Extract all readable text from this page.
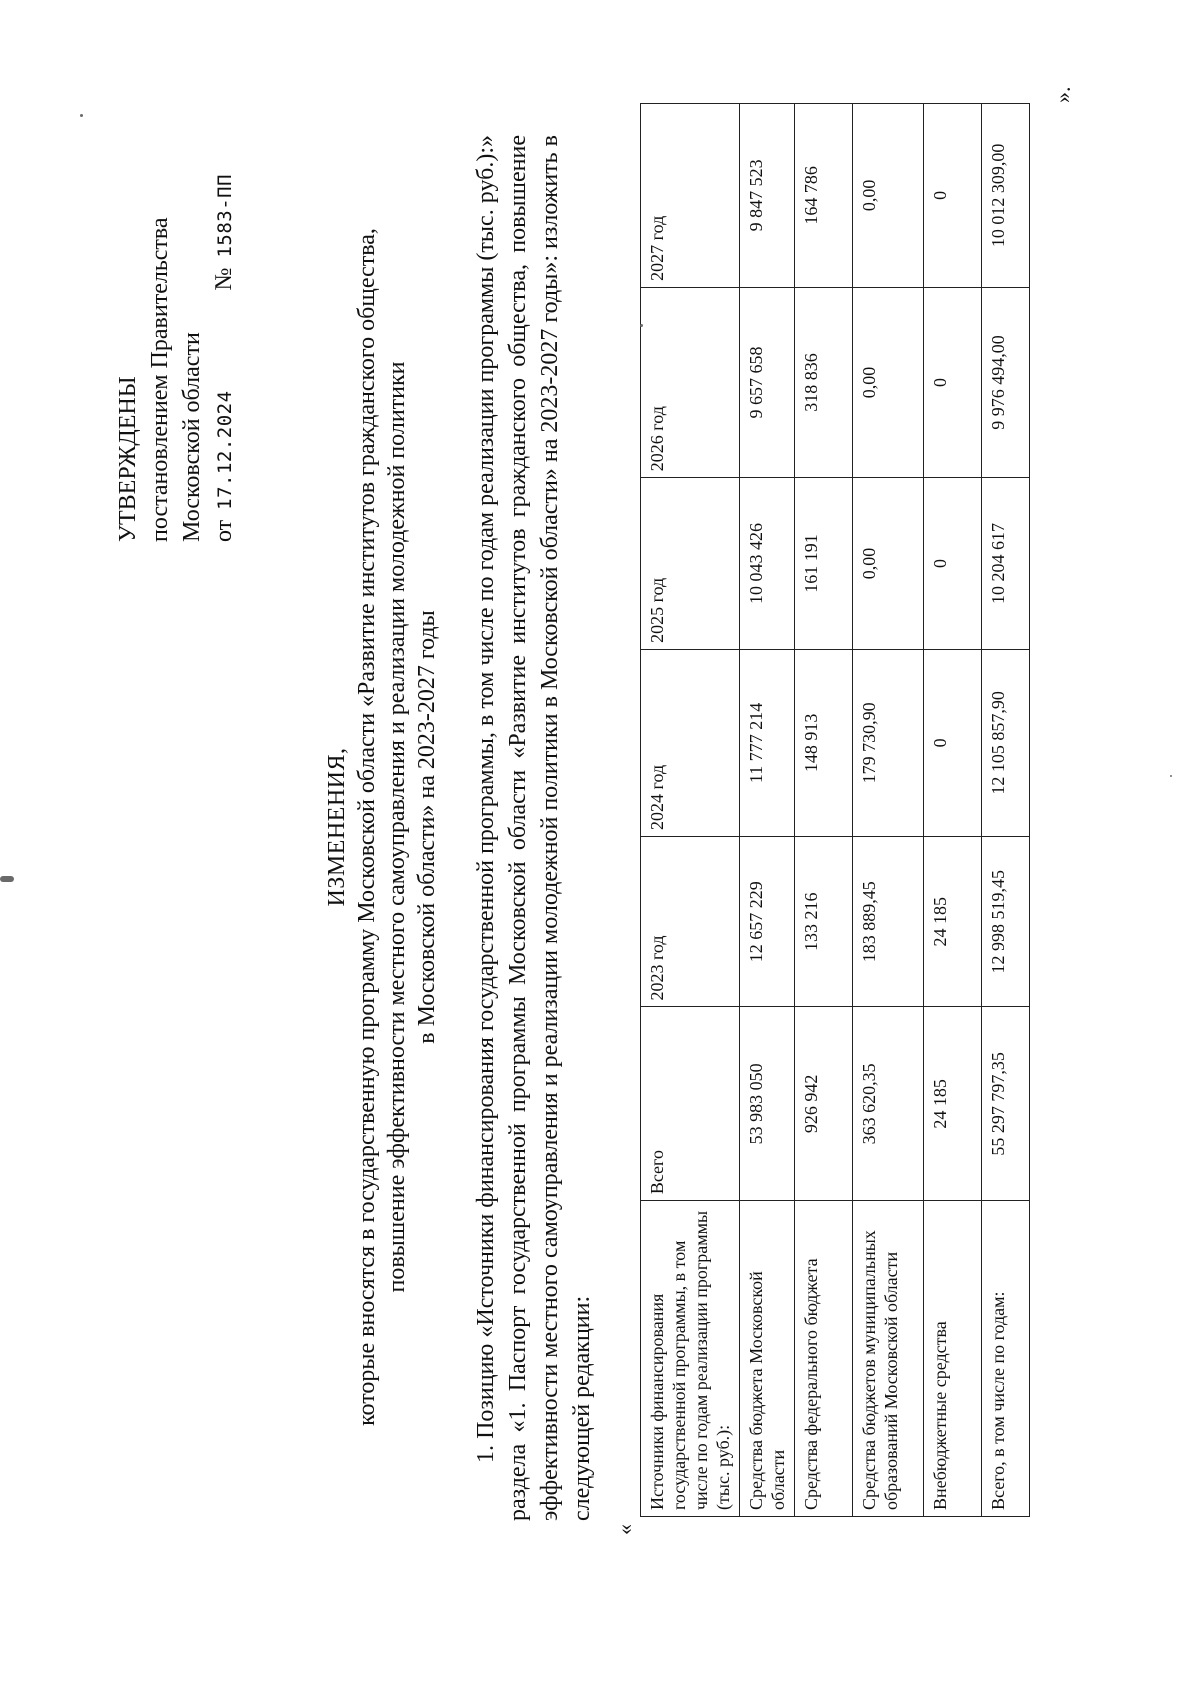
УТВЕРЖДЕНЫ постановлением Правительства Московской области от 17.12.2024  № 1583-ПП
ИЗМЕНЕНИЯ, которые вносятся в государственную программу Московской области «Развитие институтов гражданского общества, повышение эффективности местного самоуправления и реализации молодежной политики в Московской области» на 2023-2027 годы 1. Позицию «Источники финансирования государственной программы, в том числе по годам реализации программы (тыс. руб.):» раздела «1. Паспорт государственной программы Московской области «Развитие институтов гражданского общества, повышение эффективности местного самоуправления и реализации молодежной политики в Московской области» на 2023-2027 годы»: изложить в следующей редакции:
«
Источники финансирования государственной программы, в том числе по годам реализации программы (тыс. руб.):	Всего	2023 год	2024 год	2025 год	2026 год	2027 год
Средства бюджета Московской области	53 983 050	12 657 229	11 777 214	10 043 426	9 657 658	9 847 523
Средства федерального бюджета	926 942	133 216	148 913	161 191	318 836	164 786
Средства бюджетов муниципальных образований Московской области	363 620,35	183 889,45	179 730,90	0,00	0,00	0,00
Внебюджетные средства	24 185	24 185	0	0	0	0
Всего, в том числе по годам:	55 297 797,35	12 998 519,45	12 105 857,90	10 204 617	9 976 494,00	10 012 309,00
».
